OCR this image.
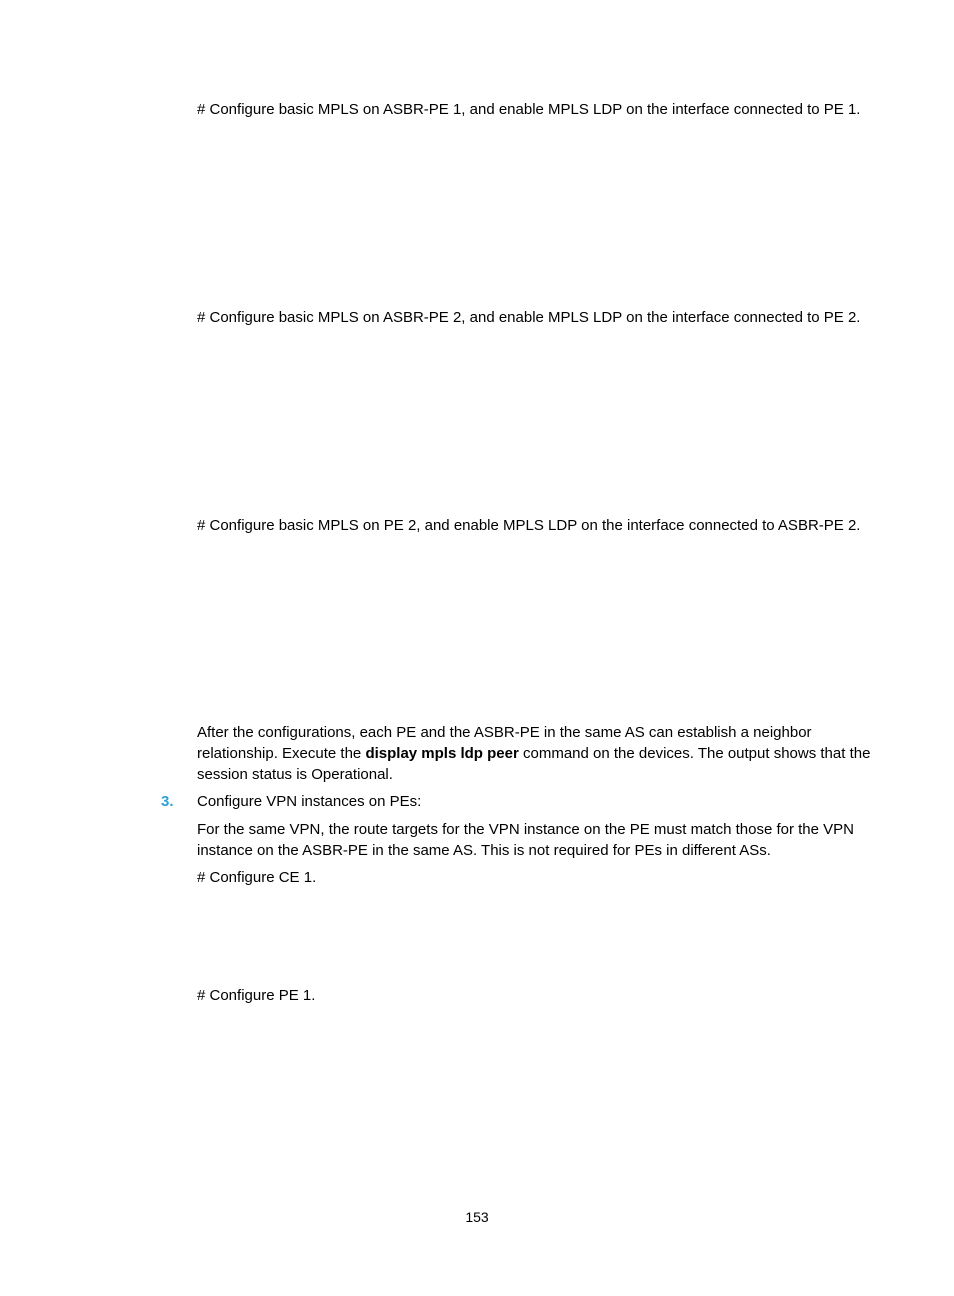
# Configure basic MPLS on ASBR-PE 1, and enable MPLS LDP on the interface connected to PE 1.
# Configure basic MPLS on ASBR-PE 2, and enable MPLS LDP on the interface connected to PE 2.
# Configure basic MPLS on PE 2, and enable MPLS LDP on the interface connected to ASBR-PE 2.
After the configurations, each PE and the ASBR-PE in the same AS can establish a neighbor relationship. Execute the display mpls ldp peer command on the devices. The output shows that the session status is Operational.
3. Configure VPN instances on PEs:
For the same VPN, the route targets for the VPN instance on the PE must match those for the VPN instance on the ASBR-PE in the same AS. This is not required for PEs in different ASs.
# Configure CE 1.
# Configure PE 1.
153
